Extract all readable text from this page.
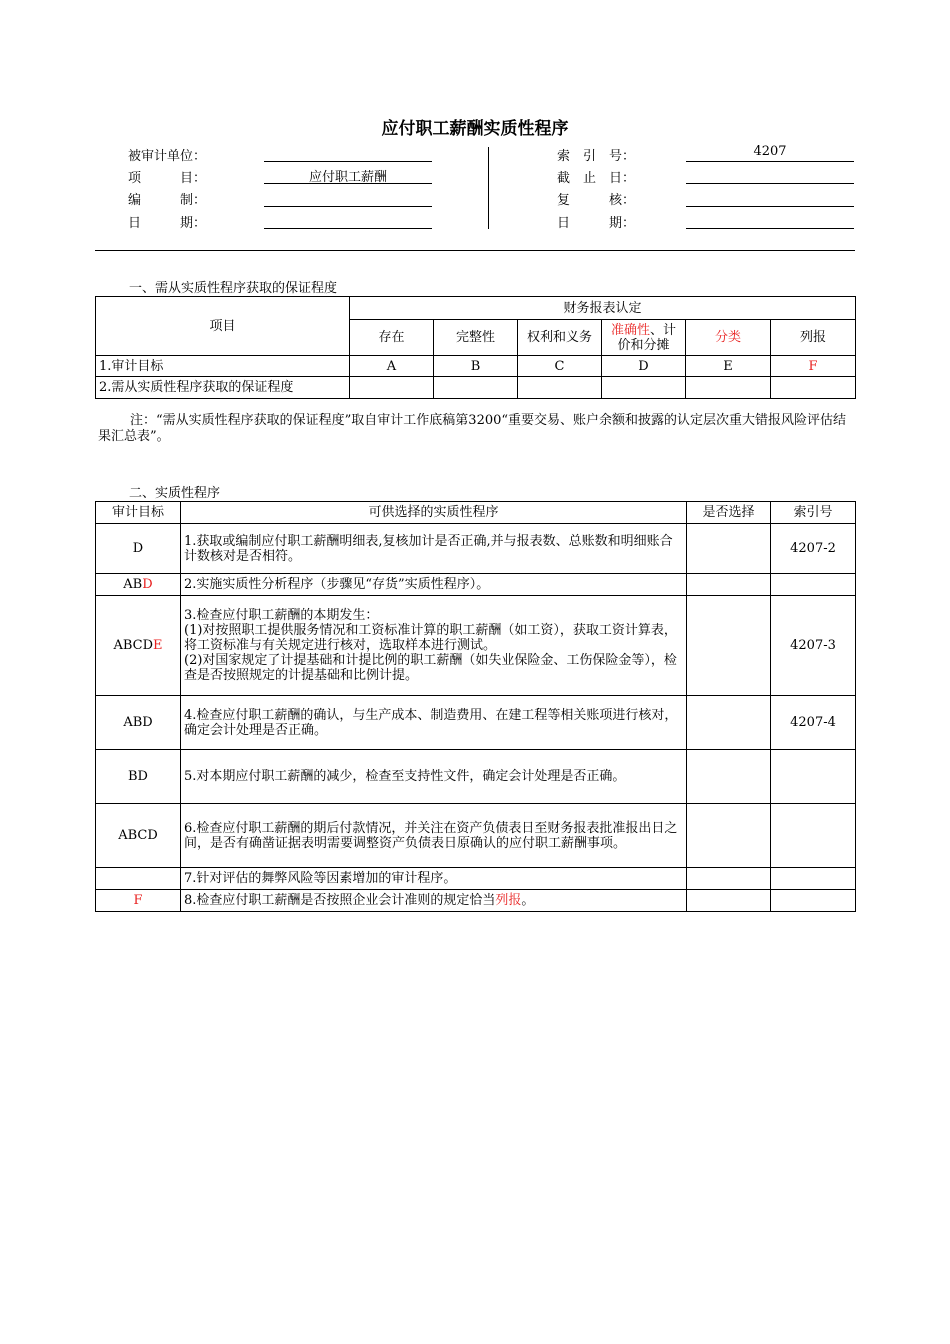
应付职工薪酬实质性程序
被审计单位：
项　　　目：
编　　　制：
日　　　期：
应付职工薪酬
索　引　号：
截　止　日：
复　　　核：
日　　　期：
4207
一、需从实质性程序获取的保证程度
项目	财务报表认定					
	存在	完整性	权利和义务	准确性、计价和分摊	分类	列报
1.审计目标	A	B	C	D	E	F
2.需从实质性程序获取的保证程度						
注：“需从实质性程序获取的保证程度”取自审计工作底稿第3200“重要交易、账户余额和披露的认定层次重大错报风险评估结果汇总表”。
二、实质性程序
审计目标	可供选择的实质性程序	是否选择	索引号
D	1.获取或编制应付职工薪酬明细表,复核加计是否正确,并与报表数、总账数和明细账合计数核对是否相符。		4207-2
ABD	2.实施实质性分析程序（步骤见“存货”实质性程序）。		
ABCDE	3.检查应付职工薪酬的本期发生：
(1)对按照职工提供服务情况和工资标准计算的职工薪酬（如工资），获取工资计算表，将工资标准与有关规定进行核对，选取样本进行测试。
(2)对国家规定了计提基础和计提比例的职工薪酬（如失业保险金、工伤保险金等），检查是否按照规定的计提基础和比例计提。		4207-3
ABD	4.检查应付职工薪酬的确认，与生产成本、制造费用、在建工程等相关账项进行核对，确定会计处理是否正确。		4207-4
BD	5.对本期应付职工薪酬的减少，检查至支持性文件，确定会计处理是否正确。		
ABCD	6.检查应付职工薪酬的期后付款情况，并关注在资产负债表日至财务报表批准报出日之间，是否有确凿证据表明需要调整资产负债表日原确认的应付职工薪酬事项。		
	7.针对评估的舞弊风险等因素增加的审计程序。		
F	8.检查应付职工薪酬是否按照企业会计准则的规定恰当列报。		
